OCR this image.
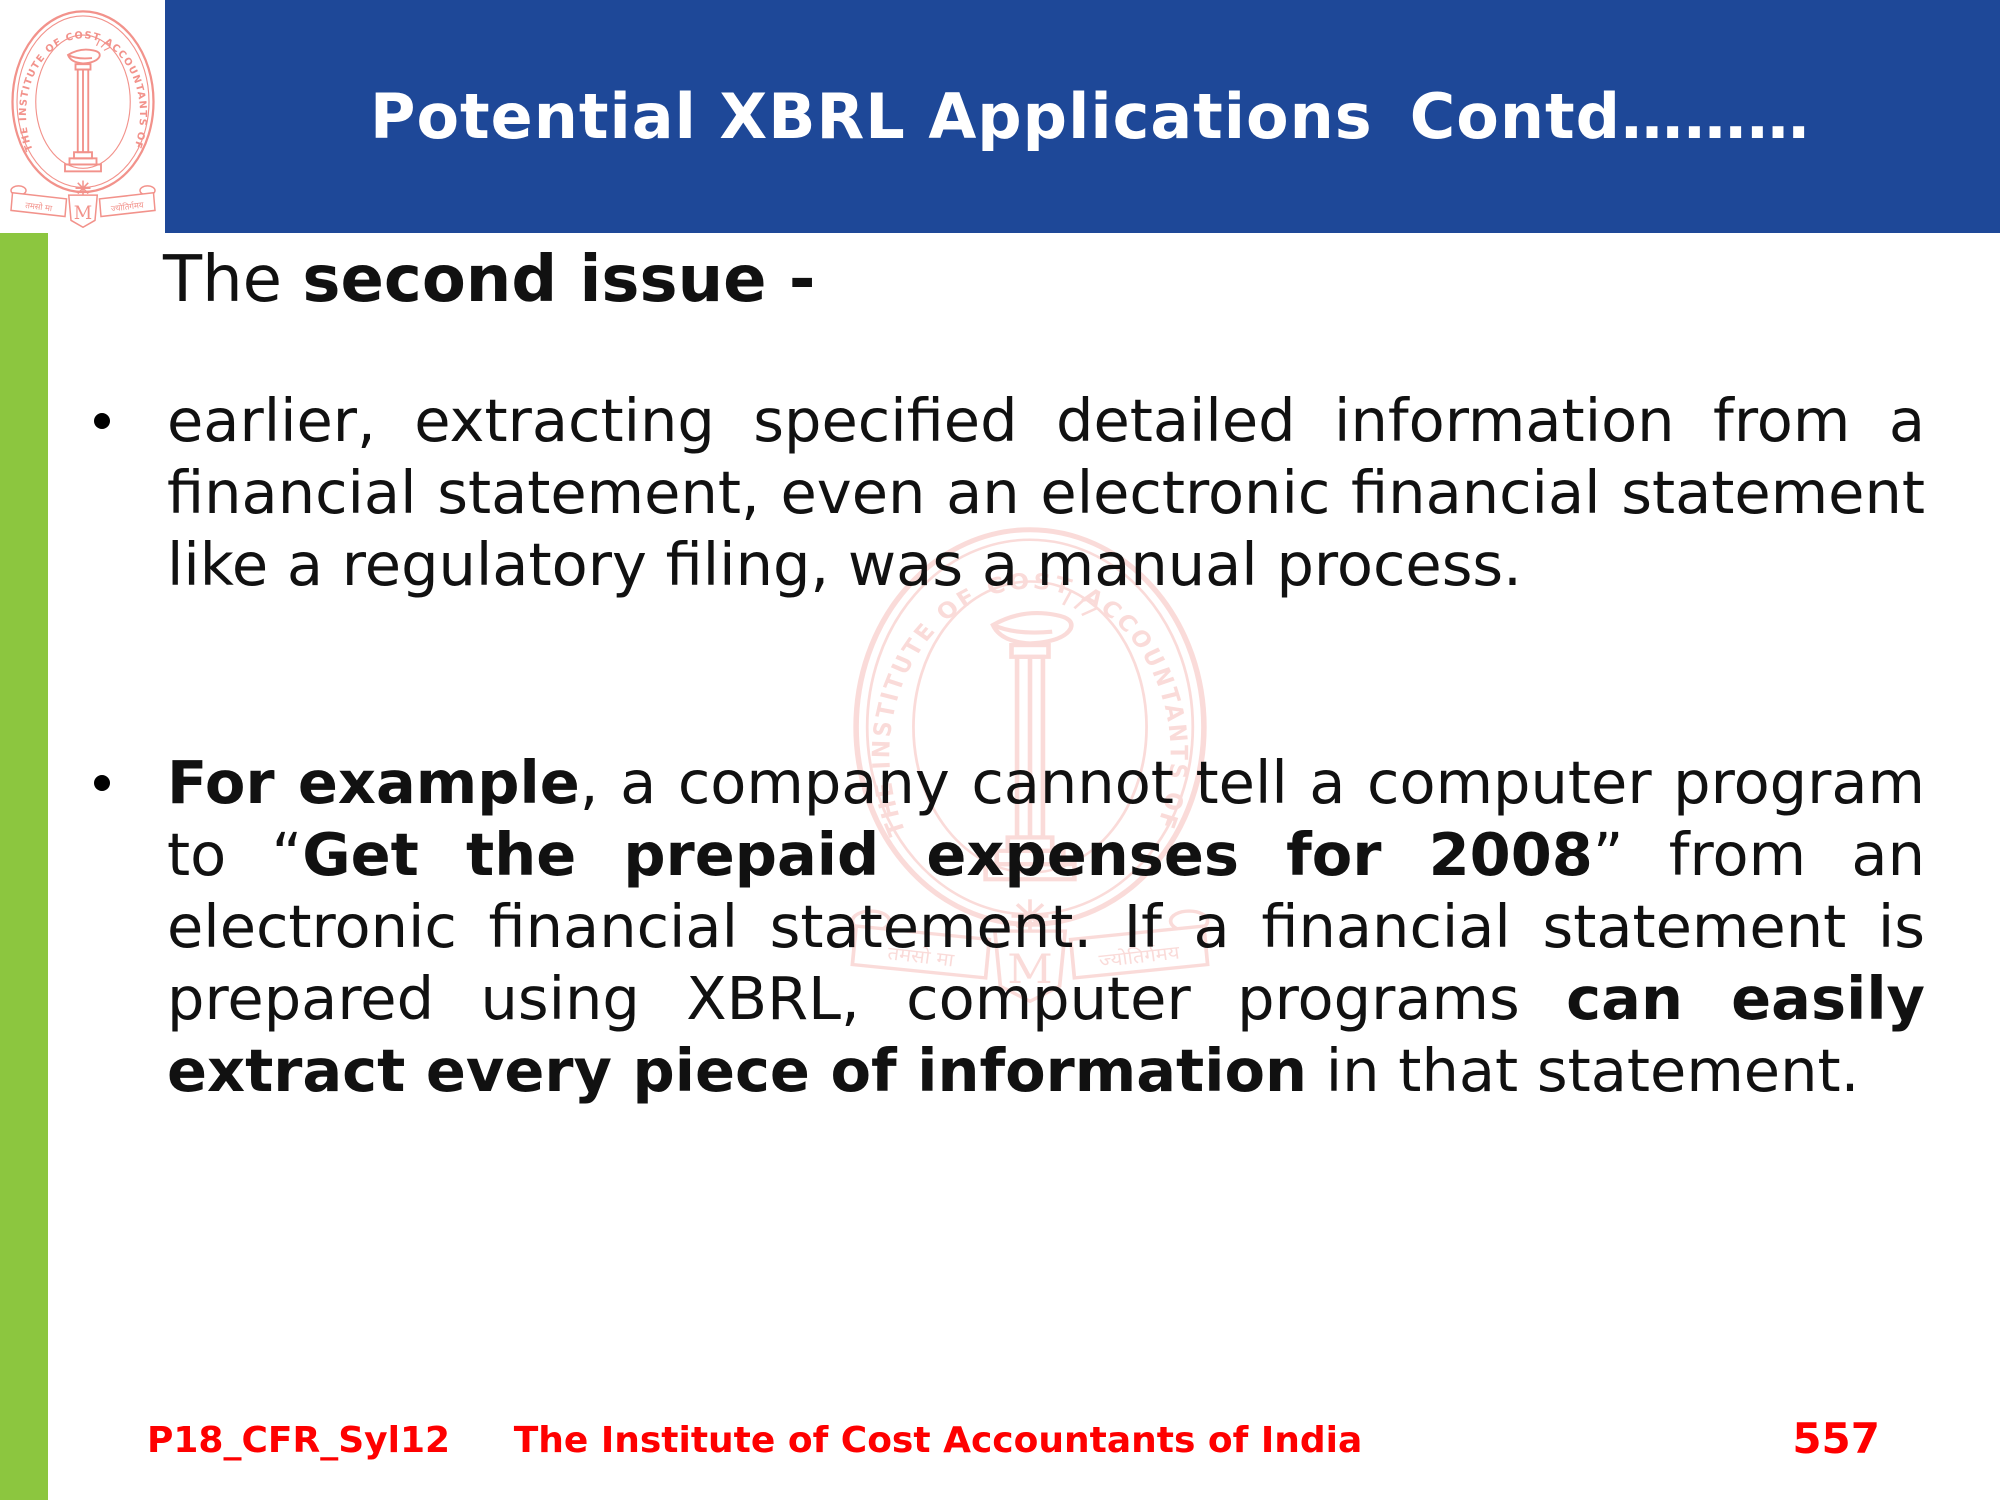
Potential XBRL Applications Contd………
The second issue -
earlier, extracting specified detailed information from a financial statement, even an electronic financial statement like a regulatory filing, was a manual process.
For example, a company cannot tell a computer program to “Get the prepaid expenses for 2008” from an electronic financial statement. If a financial statement is prepared using XBRL, computer programs can easily extract every piece of information in that statement.
P18_CFR_Syl12 The Institute of Cost Accountants of India	557
